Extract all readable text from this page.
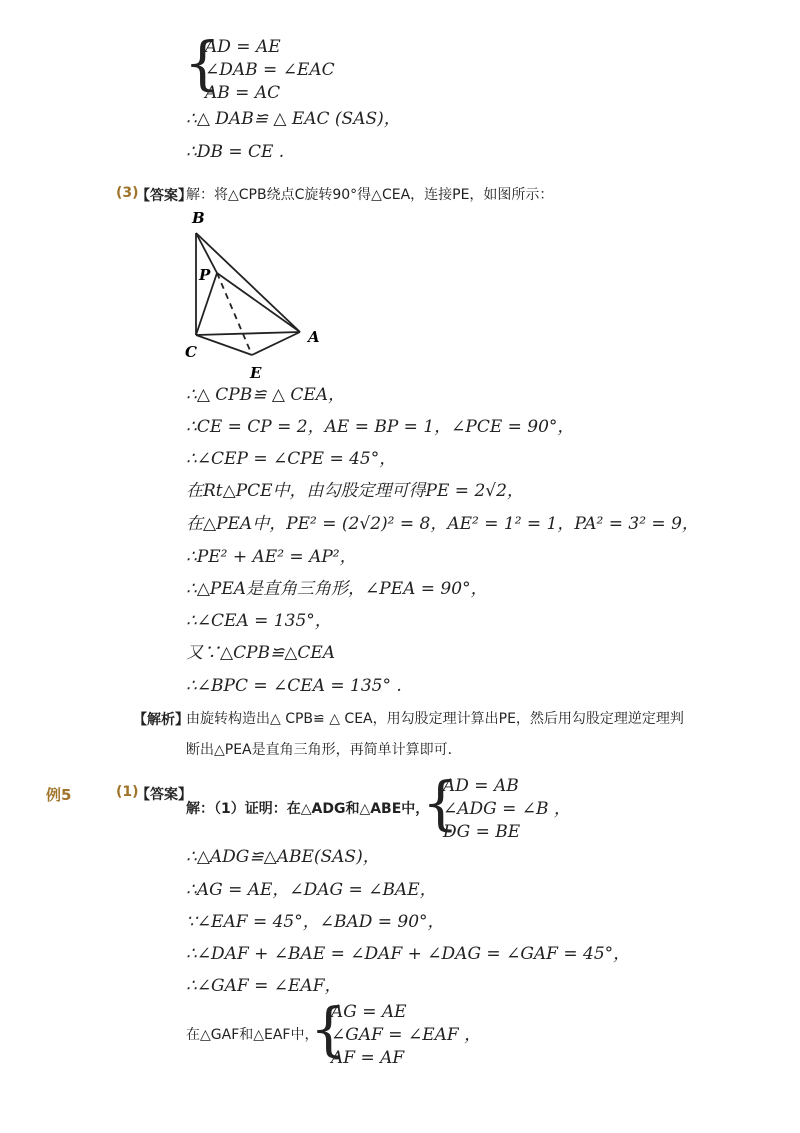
{
AD = AE
∠DAB = ∠EAC
AB = AC
∴△ DAB≌ △ EAC (SAS)，
∴DB = CE .
(3)
【答案】
解：将△CPB绕点C旋转90°得△CEA，连接PE，如图所示：
B
P
C
A
E
∴△ CPB≌ △ CEA，
∴CE = CP = 2，AE = BP = 1，∠PCE = 90°，
∴∠CEP = ∠CPE = 45°，
在Rt△PCE中，由勾股定理可得PE = 2√2，
在△PEA中，PE² = (2√2)² = 8，AE² = 1² = 1，PA² = 3² = 9，
∴PE² + AE² = AP²，
∴△PEA是直角三角形，∠PEA = 90°，
∴∠CEA = 135°，
又∵△CPB≌△CEA
∴∠BPC = ∠CEA = 135° .
【解析】
由旋转构造出△ CPB≌ △ CEA，用勾股定理计算出PE，然后用勾股定理逆定理判
断出△PEA是直角三角形，再简单计算即可．
例5	(1)
【答案】
解：（1）证明：在△ADG和△ABE中，
{
AD = AB
∠ADG = ∠B ，
DG = BE
∴△ADG≌△ABE(SAS)，
∴AG = AE，∠DAG = ∠BAE，
∵∠EAF = 45°，∠BAD = 90°，
∴∠DAF + ∠BAE = ∠DAF + ∠DAG = ∠GAF = 45°，
∴∠GAF = ∠EAF，
在△GAF和△EAF中，
{
AG = AE
∠GAF = ∠EAF ，
AF = AF
